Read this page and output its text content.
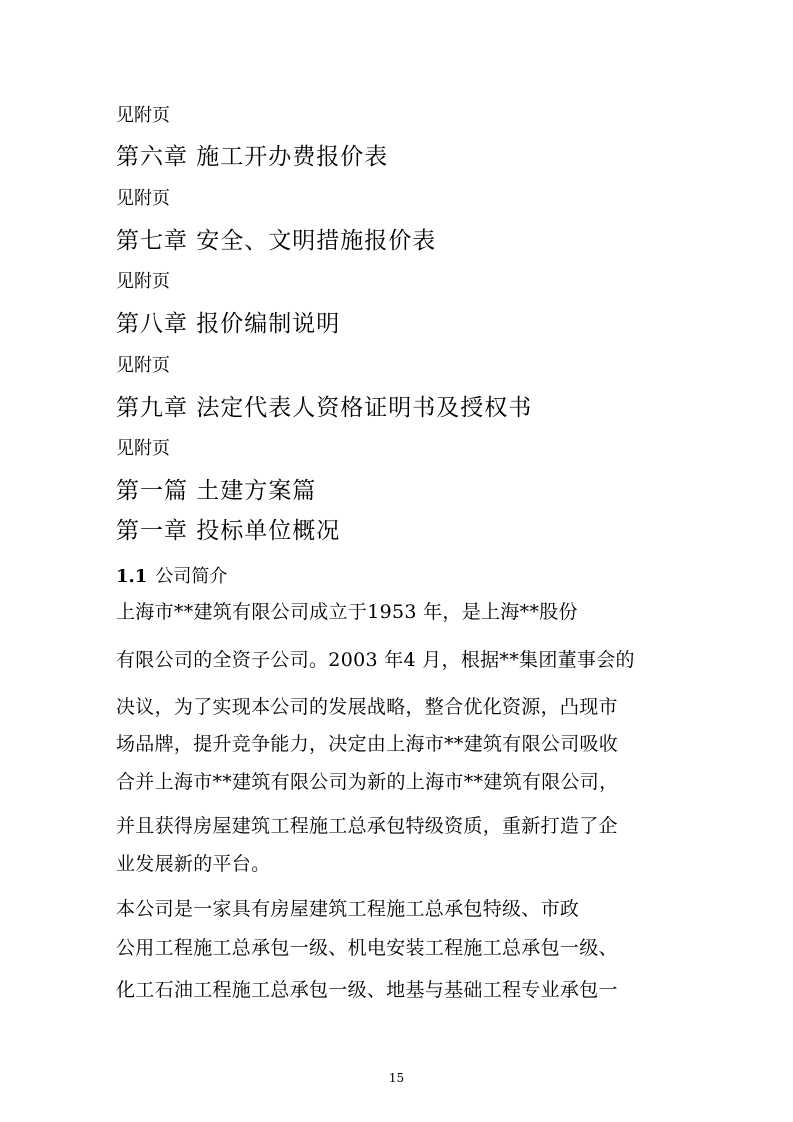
见附页

第六章 施工开办费报价表

见附页

第七章 安全、文明措施报价表

见附页

第八章 报价编制说明

见附页

第九章 法定代表人资格证明书及授权书

见附页

第一篇 土建方案篇

第一章 投标单位概况

1.1 公司简介

上海市**建筑有限公司成立于1953 年，是上海**股份

有限公司的全资子公司。2003 年4 月，根据**集团董事会的

决议，为了实现本公司的发展战略，整合优化资源，凸现市

场品牌，提升竞争能力，决定由上海市**建筑有限公司吸收

合并上海市**建筑有限公司为新的上海市**建筑有限公司，

并且获得房屋建筑工程施工总承包特级资质，重新打造了企

业发展新的平台。

本公司是一家具有房屋建筑工程施工总承包特级、市政

公用工程施工总承包一级、机电安装工程施工总承包一级、

化工石油工程施工总承包一级、地基与基础工程专业承包一

15
